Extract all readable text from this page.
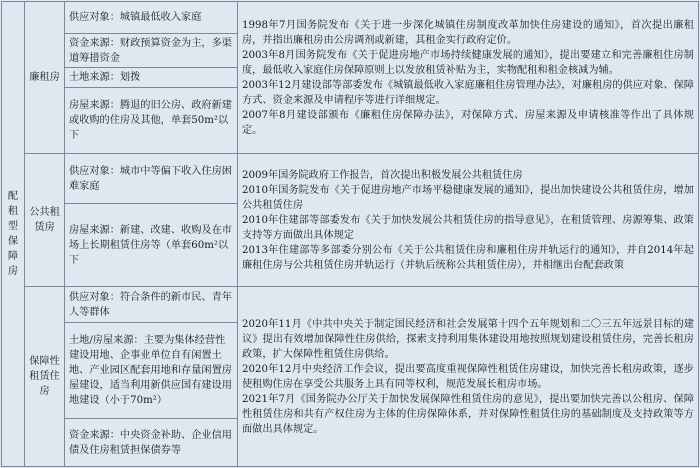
配租型保障房	廉租房	供应对象：城镇最低收入家庭	1998年7月国务院发布《关于进一步深化城镇住房制度改革加快住房建设的通知》，首次提出廉租房，并指出廉租房由公房调剂或新建，其租金实行政府定价。
2003年8月国务院发布《关于促进房地产市场持续健康发展的通知》，提出要建立和完善廉租住房制度，最低收入家庭住房保障原则上以发放租赁补贴为主，实物配租和租金核减为辅。
2003年12月建设部等部委发布《城镇最低收入家庭廉租住房管理办法》，对廉租房的供应对象、保障方式、资金来源及申请程序等进行详细规定。
2007年8月建设部颁布《廉租住房保障办法》，对保障方式、房屋来源及申请核准等作出了具体规定。

		资金来源：财政预算资金为主，多渠道筹措资金	
		土地来源：划拨	
		房屋来源：腾退的旧公房、政府新建或收购的住房及其他，单套50m²以下	
	公共租赁房	供应对象：城市中等偏下收入住房困难家庭	2009年国务院政府工作报告，首次提出积极发展公共租赁住房
2010年国务院发布《关于促进房地产市场平稳健康发展的通知》，提出加快建设公共租赁住房，增加公共租赁住房
2010年住建部等部委发布《关于加快发展公共租赁住房的指导意见》，在租赁管理、房源筹集、政策支持等方面做出具体规定
2013年住建部等多部委分别公布《关于公共租赁住房和廉租住房并轨运行的通知》，并自2014年起廉租住房与公共租赁住房并轨运行（并轨后统称公共租赁住房），并相继出台配套政策

		房屋来源：新建、改建、收购及在市场上长期租赁住房等（单套60m²以下	
	保障性租赁住房	供应对象：符合条件的新市民、青年人等群体	2020年11月《中共中央关于制定国民经济和社会发展第十四个五年规划和二〇三五年远景目标的建议》提出有效增加保障性住房供给，探索支持利用集体建设用地按照规划建设租赁住房，完善长租房政策，扩大保障性租赁住房供给。
2020年12月中央经济工作会议，提出要高度重视保障性租赁住房建设，加快完善长租房政策，逐步使租购住房在享受公共服务上具有同等权利，规范发展长租房市场。
2021年7月《国务院办公厅关于加快发展保障性租赁住房的意见》，提出要加快完善以公租房、保障性租赁住房和共有产权住房为主体的住房保障体系，并对保障性租赁住房的基础制度及支持政策等方面做出具体规定。

		土地/房屋来源：主要为集体经营性建设用地、企事业单位自有闲置土地、产业园区配套用地和存量闲置房屋建设，适当利用新供应国有建设用地建设（小于70m²）	
		资金来源：中央资金补助、企业信用债及住房租赁担保债券等	
